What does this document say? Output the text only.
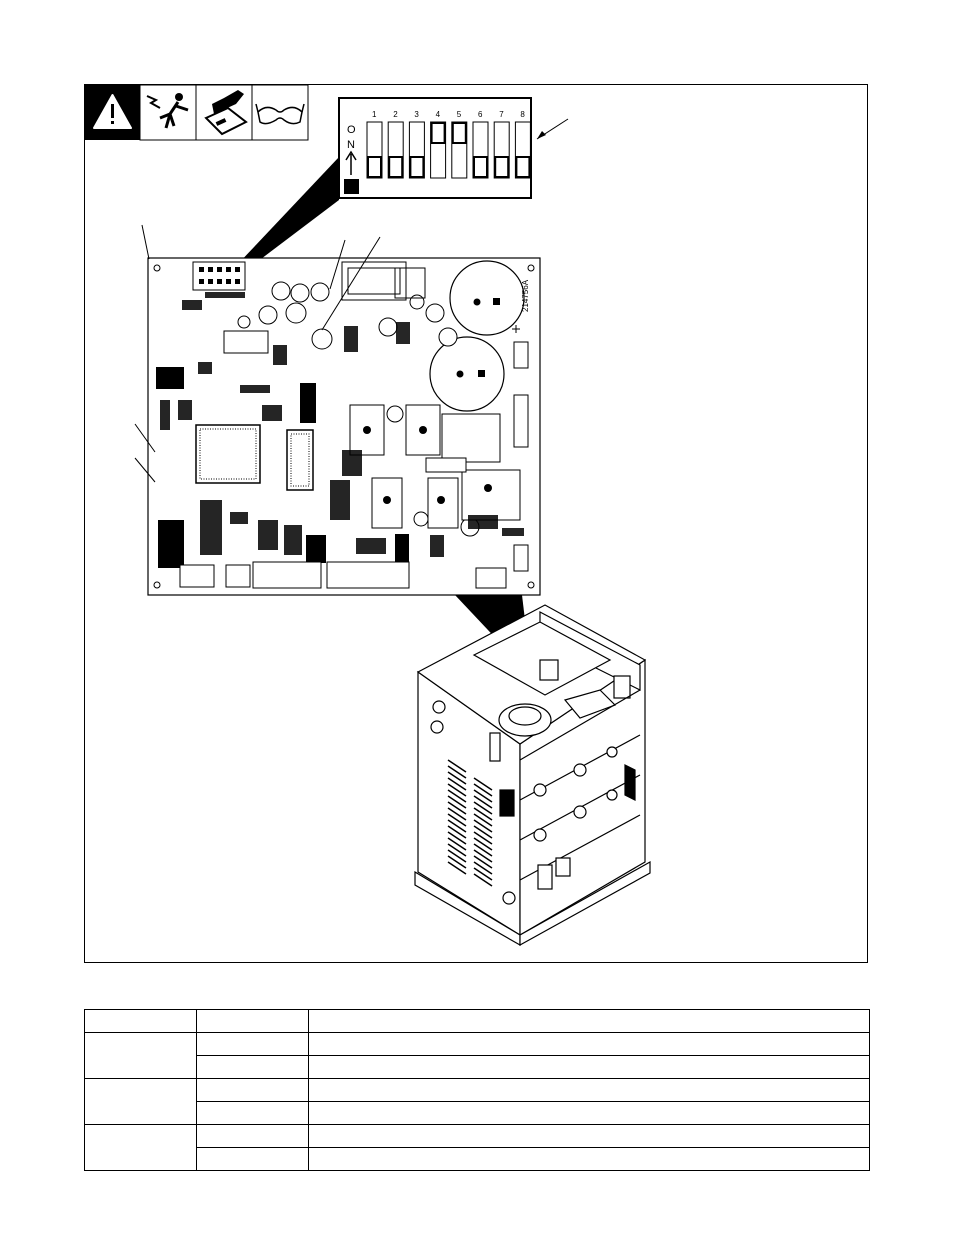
O
N
1 2 3 4 5 6 7 8
214756A
